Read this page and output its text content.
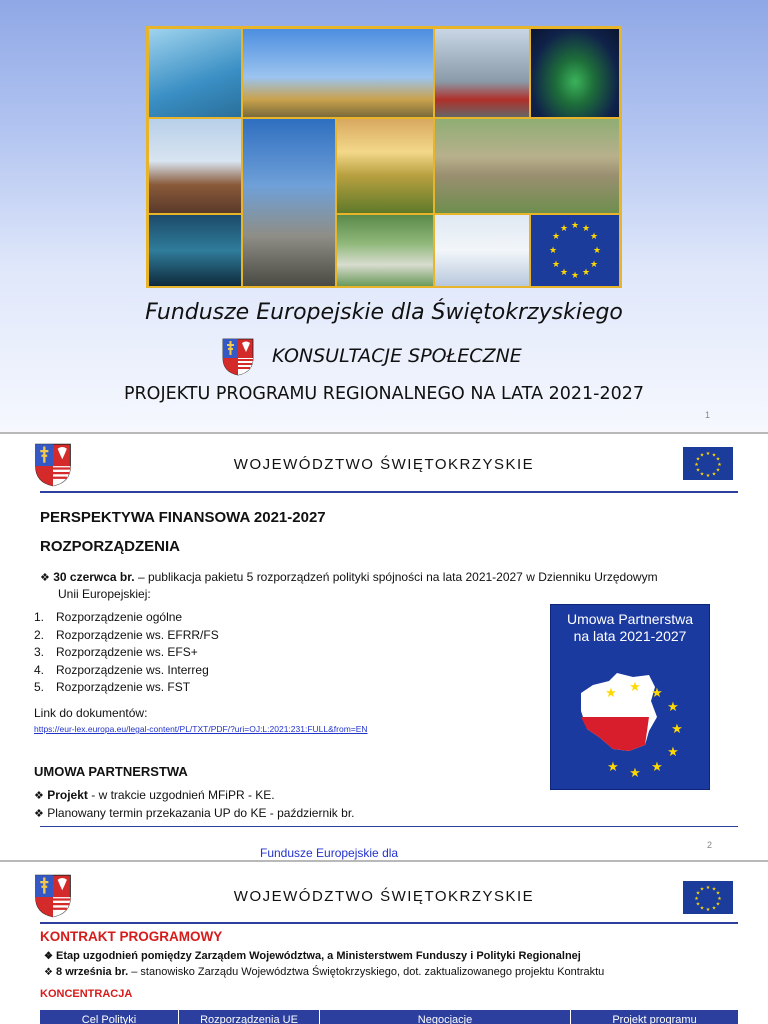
★ ★
★
★
★
★
★
★
★
★
★
★
Fundusze Europejskie dla Świętokrzyskiego
KONSULTACJE SPOŁECZNE
PROJEKTU PROGRAMU REGIONALNEGO NA LATA 2021-2027
1
WOJEWÓDZTWO ŚWIĘTOKRZYSKIE
★ ★
★
★
★
★
★
★
★
★
★
★
PERSPEKTYWA FINANSOWA 2021-2027
ROZPORZĄDZENIA
❖ 30 czerwca br. – publikacja pakietu 5 rozporządzeń polityki spójności na lata 2021-2027 w Dzienniku Urzędowym
Unii Europejskiej:
1. Rozporządzenie ogólne
2. Rozporządzenie ws. EFRR/FS
3. Rozporządzenie ws. EFS+
4. Rozporządzenie ws. Interreg
5. Rozporządzenie ws. FST
Link do dokumentów:
https://eur-lex.europa.eu/legal-content/PL/TXT/PDF/?uri=OJ:L:2021:231:FULL&from=EN
UMOWA PARTNERSTWA
❖ Projekt - w trakcie uzgodnień MFiPR - KE.
❖ Planowany termin przekazania UP do KE - październik br.
Umowa Partnerstwa
na lata 2021-2027
★ ★
★
★
★
★
★
★
★
Fundusze Europejskie dla
2
WOJEWÓDZTWO ŚWIĘTOKRZYSKIE	★ ★
★
★
★
★
★
★
★
★
★
★
KONTRAKT PROGRAMOWY
❖ Etap uzgodnień pomiędzy Zarządem Województwa, a Ministerstwem Funduszy i Polityki Regionalnej
❖ 8 września br. – stanowisko Zarządu Województwa Świętokrzyskiego, dot. zaktualizowanego projektu Kontraktu
KONCENTRACJA
Cel Polityki	Rozporządzenia UE	Negocjacje	Projekt programu
